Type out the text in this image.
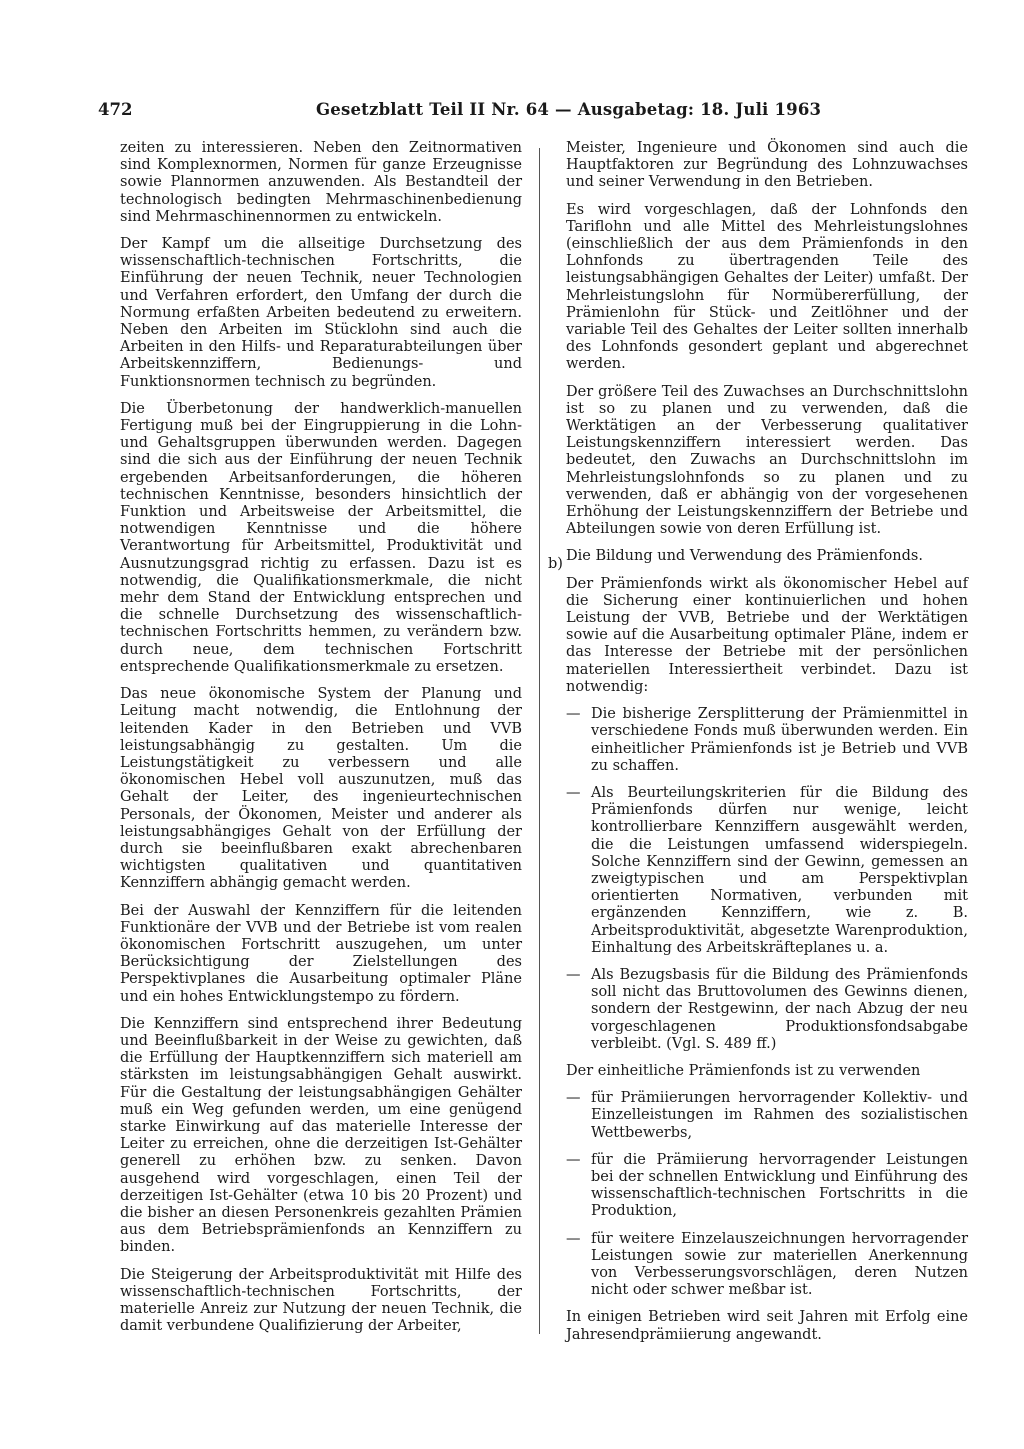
472	Gesetzblatt Teil II Nr. 64 — Ausgabetag: 18. Juli 1963

zeiten zu interessieren. Neben den Zeitnormativen sind Komplexnormen, Normen für ganze Erzeugnisse sowie Plannormen anzuwenden. Als Bestandteil der technologisch bedingten Mehrmaschinenbedienung sind Mehrmaschinennormen zu entwickeln.

Der Kampf um die allseitige Durchsetzung des wissenschaftlich-technischen Fortschritts, die Einführung der neuen Technik, neuer Technologien und Verfahren erfordert, den Umfang der durch die Normung erfaßten Arbeiten bedeutend zu erweitern. Neben den Arbeiten im Stücklohn sind auch die Arbeiten in den Hilfs- und Reparaturabteilungen über Arbeitskennziffern, Bedienungs- und Funktionsnormen technisch zu begründen.

Die Überbetonung der handwerklich-manuellen Fertigung muß bei der Eingruppierung in die Lohn- und Gehaltsgruppen überwunden werden. Dagegen sind die sich aus der Einführung der neuen Technik ergebenden Arbeitsanforderungen, die höheren technischen Kenntnisse, besonders hinsichtlich der Funktion und Arbeitsweise der Arbeitsmittel, die notwendigen Kenntnisse und die höhere Verantwortung für Arbeitsmittel, Produktivität und Ausnutzungsgrad richtig zu erfassen. Dazu ist es notwendig, die Qualifikationsmerkmale, die nicht mehr dem Stand der Entwicklung entsprechen und die schnelle Durchsetzung des wissenschaftlich-technischen Fortschritts hemmen, zu verändern bzw. durch neue, dem technischen Fortschritt entsprechende Qualifikationsmerkmale zu ersetzen.

Das neue ökonomische System der Planung und Leitung macht notwendig, die Entlohnung der leitenden Kader in den Betrieben und VVB leistungsabhängig zu gestalten. Um die Leistungstätigkeit zu verbessern und alle ökonomischen Hebel voll auszunutzen, muß das Gehalt der Leiter, des ingenieurtechnischen Personals, der Ökonomen, Meister und anderer als leistungsabhängiges Gehalt von der Erfüllung der durch sie beeinflußbaren exakt abrechenbaren wichtigsten qualitativen und quantitativen Kennziffern abhängig gemacht werden.

Bei der Auswahl der Kennziffern für die leitenden Funktionäre der VVB und der Betriebe ist vom realen ökonomischen Fortschritt auszugehen, um unter Berücksichtigung der Zielstellungen des Perspektivplanes die Ausarbeitung optimaler Pläne und ein hohes Entwicklungstempo zu fördern.

Die Kennziffern sind entsprechend ihrer Bedeutung und Beeinflußbarkeit in der Weise zu gewichten, daß die Erfüllung der Hauptkennziffern sich materiell am stärksten im leistungsabhängigen Gehalt auswirkt. Für die Gestaltung der leistungsabhängigen Gehälter muß ein Weg gefunden werden, um eine genügend starke Einwirkung auf das materielle Interesse der Leiter zu erreichen, ohne die derzeitigen Ist-Gehälter generell zu erhöhen bzw. zu senken. Davon ausgehend wird vorgeschlagen, einen Teil der derzeitigen Ist-Gehälter (etwa 10 bis 20 Prozent) und die bisher an diesen Personenkreis gezahlten Prämien aus dem Betriebsprämienfonds an Kennziffern zu binden.

Die Steigerung der Arbeitsproduktivität mit Hilfe des wissenschaftlich-technischen Fortschritts, der materielle Anreiz zur Nutzung der neuen Technik, die damit verbundene Qualifizierung der Arbeiter,

b)

Meister, Ingenieure und Ökonomen sind auch die Hauptfaktoren zur Begründung des Lohnzuwachses und seiner Verwendung in den Betrieben.

Es wird vorgeschlagen, daß der Lohnfonds den Tariflohn und alle Mittel des Mehrleistungslohnes (einschließlich der aus dem Prämienfonds in den Lohnfonds zu übertragenden Teile des leistungsabhängigen Gehaltes der Leiter) umfaßt. Der Mehrleistungslohn für Normübererfüllung, der Prämienlohn für Stück- und Zeitlöhner und der variable Teil des Gehaltes der Leiter sollten innerhalb des Lohnfonds gesondert geplant und abgerechnet werden.

Der größere Teil des Zuwachses an Durchschnittslohn ist so zu planen und zu verwenden, daß die Werktätigen an der Verbesserung qualitativer Leistungskennziffern interessiert werden. Das bedeutet, den Zuwachs an Durchschnittslohn im Mehrleistungslohnfonds so zu planen und zu verwenden, daß er abhängig von der vorgesehenen Erhöhung der Leistungskennziffern der Betriebe und Abteilungen sowie von deren Erfüllung ist.

Die Bildung und Verwendung des Prämienfonds.

Der Prämienfonds wirkt als ökonomischer Hebel auf die Sicherung einer kontinuierlichen und hohen Leistung der VVB, Betriebe und der Werktätigen sowie auf die Ausarbeitung optimaler Pläne, indem er das Interesse der Betriebe mit der persönlichen materiellen Interessiertheit verbindet. Dazu ist notwendig:

— Die bisherige Zersplitterung der Prämienmittel in verschiedene Fonds muß überwunden werden. Ein einheitlicher Prämienfonds ist je Betrieb und VVB zu schaffen.
— Als Beurteilungskriterien für die Bildung des Prämienfonds dürfen nur wenige, leicht kontrollierbare Kennziffern ausgewählt werden, die die Leistungen umfassend widerspiegeln. Solche Kennziffern sind der Gewinn, gemessen an zweigtypischen und am Perspektivplan orientierten Normativen, verbunden mit ergänzenden Kennziffern, wie z. B. Arbeitsproduktivität, abgesetzte Warenproduktion, Einhaltung des Arbeitskräfteplanes u. a.
— Als Bezugsbasis für die Bildung des Prämienfonds soll nicht das Bruttovolumen des Gewinns dienen, sondern der Restgewinn, der nach Abzug der neu vorgeschlagenen Produktionsfondsabgabe verbleibt. (Vgl. S. 489 ff.)

Der einheitliche Prämienfonds ist zu verwenden

— für Prämiierungen hervorragender Kollektiv- und Einzelleistungen im Rahmen des sozialistischen Wettbewerbs,
— für die Prämiierung hervorragender Leistungen bei der schnellen Entwicklung und Einführung des wissenschaftlich-technischen Fortschritts in die Produktion,
— für weitere Einzelauszeichnungen hervorragender Leistungen sowie zur materiellen Anerkennung von Verbesserungsvorschlägen, deren Nutzen nicht oder schwer meßbar ist.

In einigen Betrieben wird seit Jahren mit Erfolg eine Jahresendprämiierung angewandt.
